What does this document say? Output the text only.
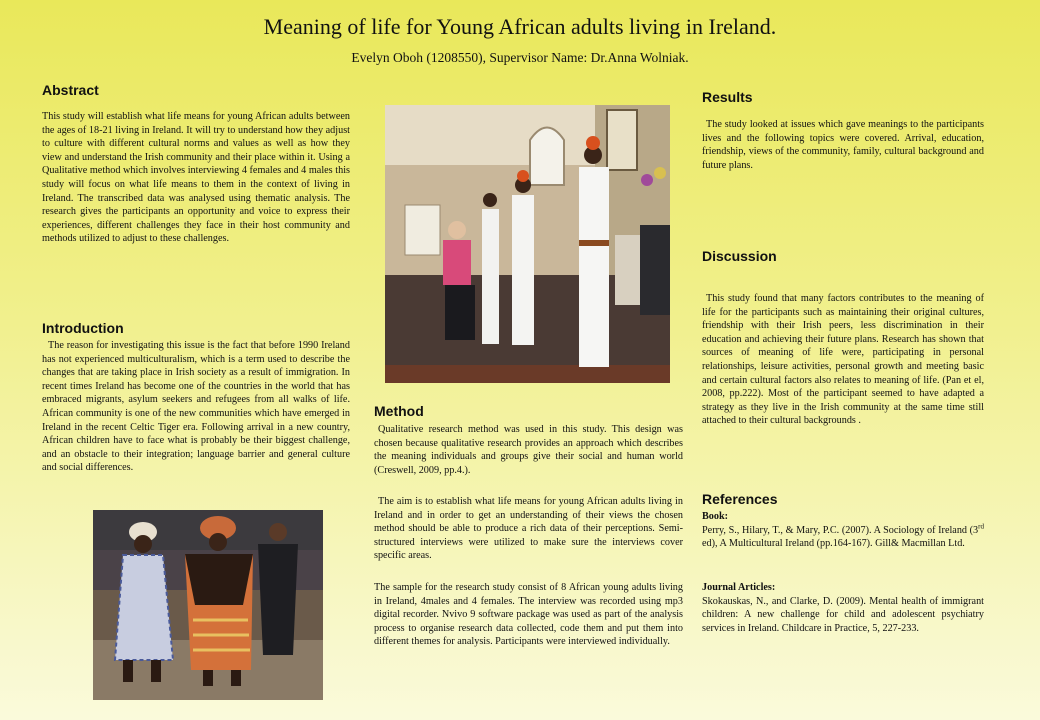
Meaning of life for Young African adults living in Ireland.

Evelyn Oboh (1208550), Supervisor Name: Dr.Anna Wolniak.

Abstract

This study will establish what life means for young African adults between the ages of 18-21 living in Ireland. It will try to understand how they adjust to culture with different cultural norms and values as well as how they view and understand the Irish community and their place within it. Using a Qualitative method which involves interviewing 4 females and 4 males this study will focus on what life means to them in the context of living in Ireland. The transcribed data was analysed using thematic analysis. The research gives the participants an opportunity and voice to express their experiences, different challenges they face in their host community and methods utilized to adjust to these challenges.

Introduction

The reason for investigating this issue is the fact that before 1990 Ireland has not experienced multiculturalism, which is a term used to describe the changes that are taking place in Irish society as a result of immigration. In recent times Ireland has become one of the countries in the world that has embraced migrants, asylum seekers and refugees from all walks of life. African community is one of the new communities which have emerged in Ireland in the recent Celtic Tiger era. Following arrival in a new country, African children have to face what is probably be their biggest challenge, and an obstacle to their integration; language barrier and general culture and social differences.

Method

Qualitative research method was used in this study. This design was chosen because qualitative research provides an approach which describes the meaning individuals and groups give their social and human world (Creswell, 2009, pp.4.).

The aim is to establish what life means for young African adults living in Ireland and in order to get an understanding of their views the chosen method should be able to produce a rich data of their perceptions. Semi-structured interviews were utilized to make sure the interviews cover specific areas.

The sample for the research study consist of 8 African young adults living in Ireland, 4males and 4 females. The interview was recorded using mp3 digital recorder. Nvivo 9 software package was used as part of the analysis process to organise research data collected, code them and put them into different themes for analysis. Participants were interviewed individually.

Results

The study looked at issues which gave meanings to the participants lives and the following topics were covered. Arrival, education, friendship, views of the community, family, cultural background and future plans.

Discussion

This study found that many factors contributes to the meaning of life for the participants such as maintaining their original cultures, friendship with their Irish peers, less discrimination in their education and achieving their future plans. Research has shown that sources of meaning of life were, participating in personal relationships, leisure activities, personal growth and meeting basic and certain cultural factors also relates to meaning of life. (Pan et el, 2008, pp.222). Most of the participant seemed to have adapted a strategy as they live in the Irish community at the same time still attached to their cultural backgrounds .

References
Book:
Perry, S., Hilary, T., & Mary, P.C. (2007). A Sociology of Ireland (3rd ed), A Multicultural Ireland (pp.164-167). Gill& Macmillan Ltd.
Journal Articles:
Skokauskas, N., and Clarke, D. (2009). Mental health of immigrant children: A new challenge for child and adolescent psychiatry services in Ireland. Childcare in Practice, 5, 227-233.
